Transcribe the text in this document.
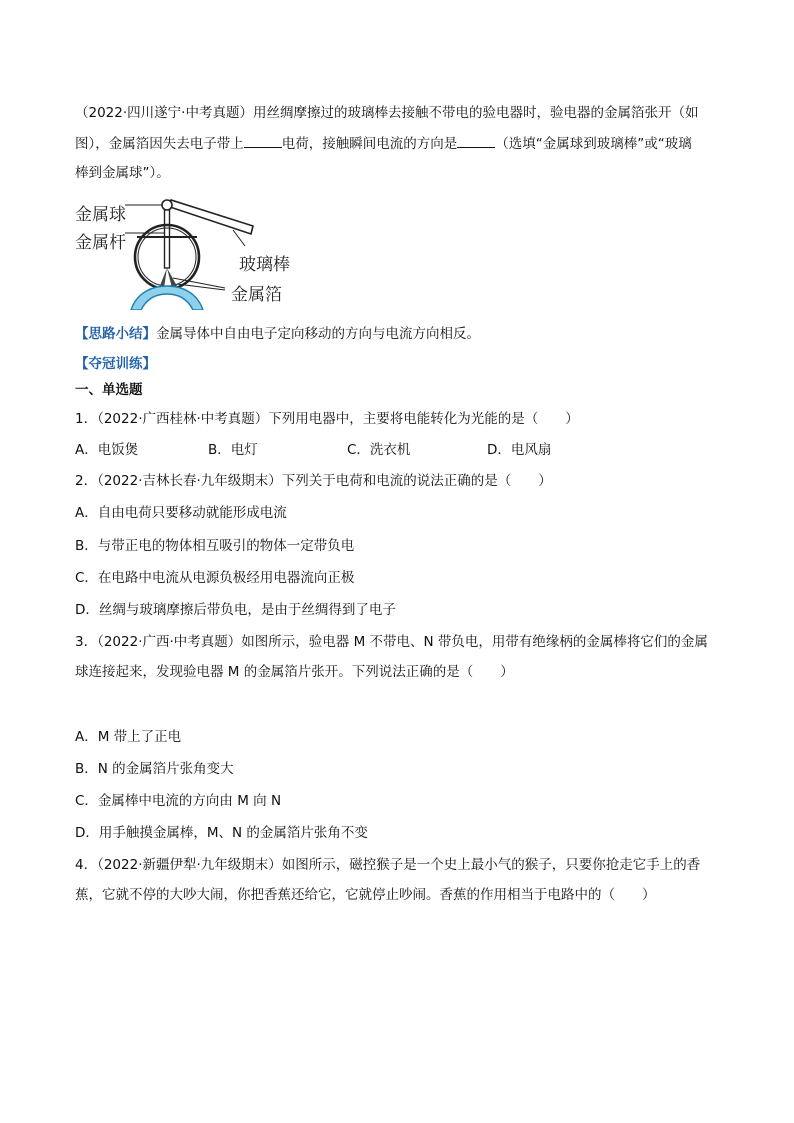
（2022·四川遂宁·中考真题）用丝绸摩擦过的玻璃棒去接触不带电的验电器时，验电器的金属箔张开（如
图），金属箔因失去电子带上	电荷，接触瞬间电流的方向是	（选填“金属球到玻璃棒”或“玻璃
棒到金属球”）。
金属球
金属杆
玻璃棒
金属箔
【思路小结】金属导体中自由电子定向移动的方向与电流方向相反。
【夺冠训练】
一、单选题
1．（2022·广西桂林·中考真题）下列用电器中，主要将电能转化为光能的是（　　）
A．电饭煲	B．电灯	C．洗衣机	D．电风扇
2．（2022·吉林长春·九年级期末）下列关于电荷和电流的说法正确的是（　　）
A．自由电荷只要移动就能形成电流
B．与带正电的物体相互吸引的物体一定带负电
C．在电路中电流从电源负极经用电器流向正极
D．丝绸与玻璃摩擦后带负电，是由于丝绸得到了电子
3．（2022·广西·中考真题）如图所示，验电器 M 不带电、N 带负电，用带有绝缘柄的金属棒将它们的金属
球连接起来，发现验电器 M 的金属箔片张开。下列说法正确的是（　　）
A．M 带上了正电
B．N 的金属箔片张角变大
C．金属棒中电流的方向由 M 向 N
D．用手触摸金属棒，M、N 的金属箔片张角不变
4．（2022·新疆伊犁·九年级期末）如图所示，磁控猴子是一个史上最小气的猴子，只要你抢走它手上的香
蕉，它就不停的大吵大闹，你把香蕉还给它，它就停止吵闹。香蕉的作用相当于电路中的（　　）
